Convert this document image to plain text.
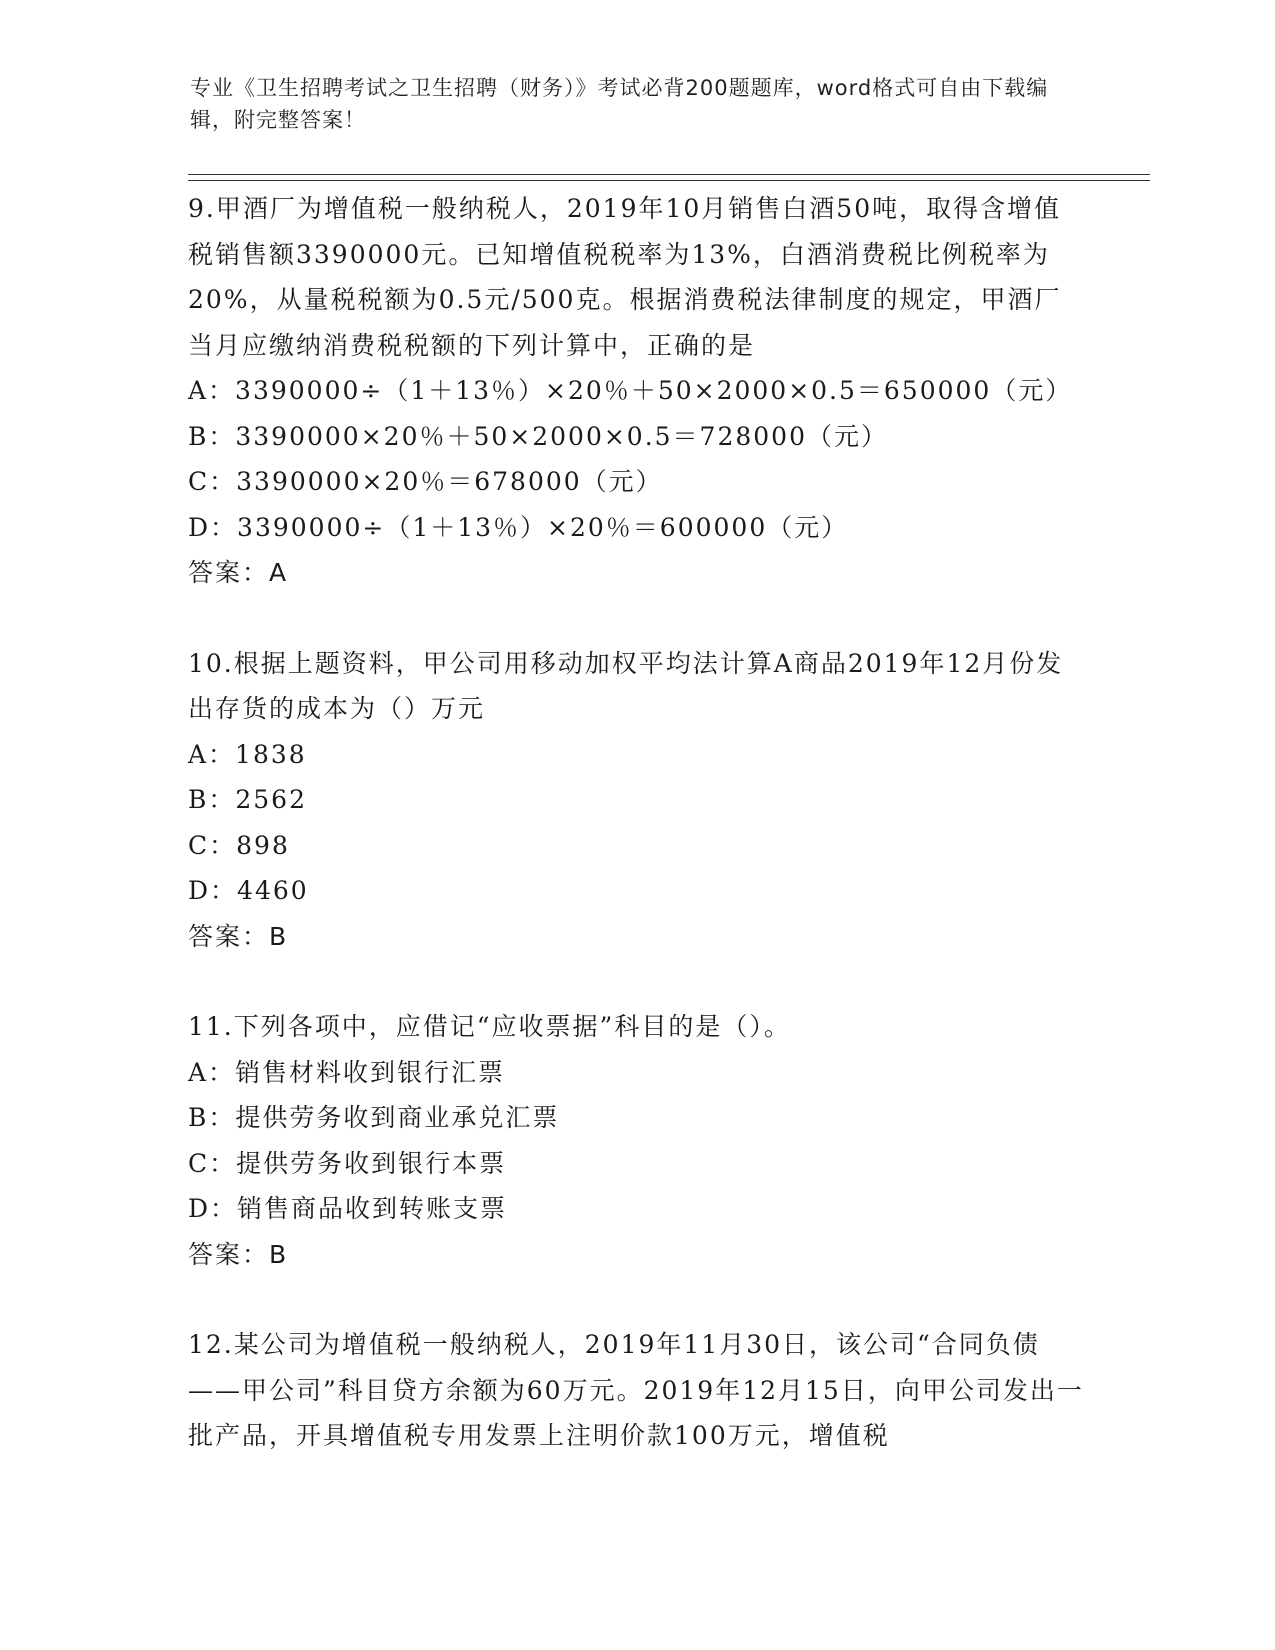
专业《卫生招聘考试之卫生招聘（财务）》考试必背200题题库，word格式可自由下载编辑，附完整答案！

9.甲酒厂为增值税一般纳税人，2019年10月销售白酒50吨，取得含增值税销售额3390000元。已知增值税税率为13%，白酒消费税比例税率为20%，从量税税额为0.5元/500克。根据消费税法律制度的规定，甲酒厂当月应缴纳消费税税额的下列计算中，正确的是

A：3390000÷（1＋13％）×20％＋50×2000×0.5＝650000（元）

B：3390000×20％＋50×2000×0.5＝728000（元）

C：3390000×20％＝678000（元）

D：3390000÷（1＋13％）×20％＝600000（元）

答案：A

10.根据上题资料，甲公司用移动加权平均法计算A商品2019年12月份发出存货的成本为（）万元

A：1838

B：2562

C：898

D：4460

答案：B

11.下列各项中，应借记“应收票据”科目的是（）。

A：销售材料收到银行汇票

B：提供劳务收到商业承兑汇票

C：提供劳务收到银行本票

D：销售商品收到转账支票

答案：B

12.某公司为增值税一般纳税人，2019年11月30日，该公司“合同负债——甲公司”科目贷方余额为60万元。2019年12月15日，向甲公司发出一批产品，开具增值税专用发票上注明价款100万元，增值税
